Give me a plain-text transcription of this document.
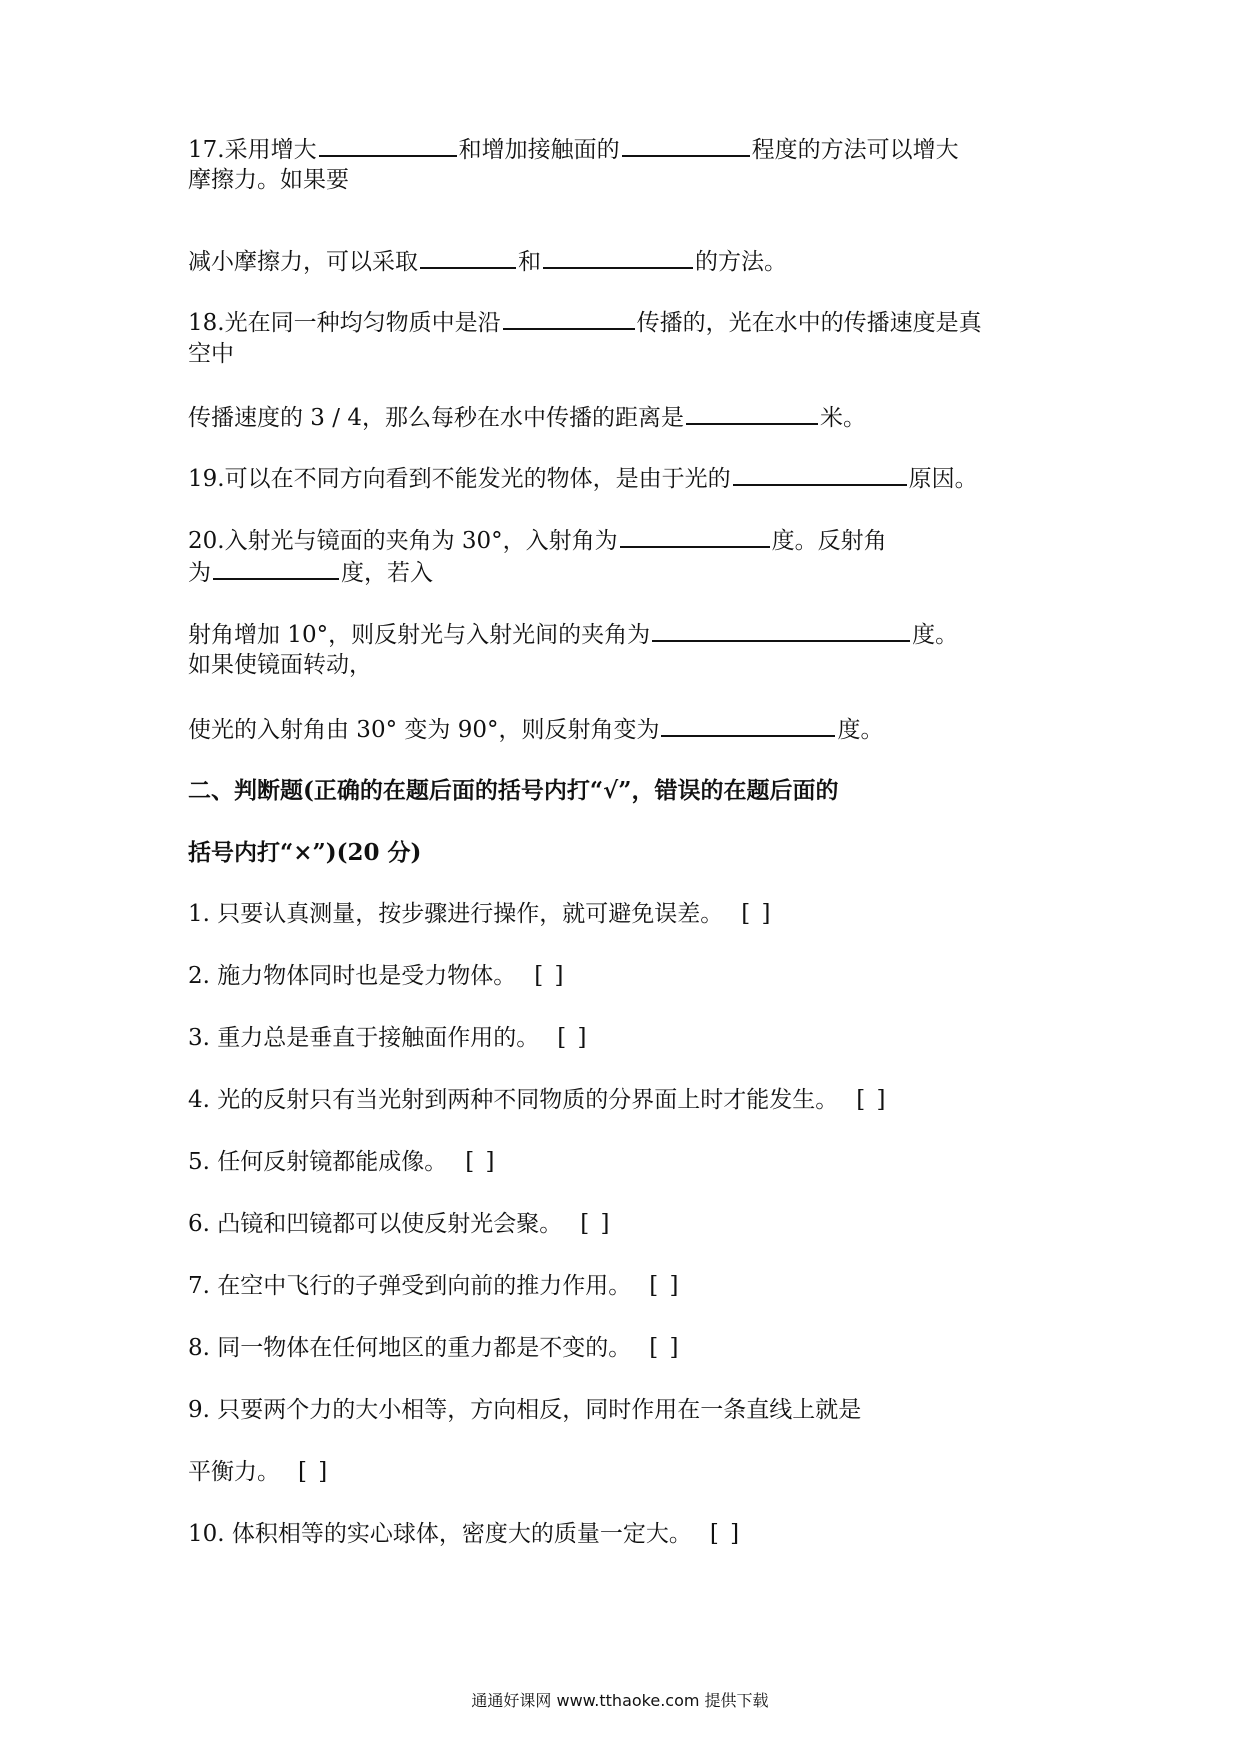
17.采用增大	和增加接触面的	程度的方法可以增大
摩擦力。如果要
减小摩擦力，可以采取	和	的方法。
18.光在同一种均匀物质中是沿	传播的，光在水中的传播速度是真
空中
传播速度的 3 / 4，那么每秒在水中传播的距离是	米。
19.可以在不同方向看到不能发光的物体，是由于光的	原因。
20.入射光与镜面的夹角为 30°，入射角为	度。反射角
为	度，若入
射角增加 10°，则反射光与入射光间的夹角为	度。
如果使镜面转动，
使光的入射角由 30° 变为 90°，则反射角变为	度。
二、判断题(正确的在题后面的括号内打“√”，错误的在题后面的
括号内打“×”)(20 分)
1. 只要认真测量，按步骤进行操作，就可避免误差。 [ ]
2. 施力物体同时也是受力物体。 [ ]
3. 重力总是垂直于接触面作用的。 [ ]
4. 光的反射只有当光射到两种不同物质的分界面上时才能发生。 [ ]
5. 任何反射镜都能成像。 [ ]
6. 凸镜和凹镜都可以使反射光会聚。 [ ]
7. 在空中飞行的子弹受到向前的推力作用。 [ ]
8. 同一物体在任何地区的重力都是不变的。 [ ]
9. 只要两个力的大小相等，方向相反，同时作用在一条直线上就是
平衡力。 [ ]
10. 体积相等的实心球体，密度大的质量一定大。 [ ]
通通好课网 www.tthaoke.com 提供下载
